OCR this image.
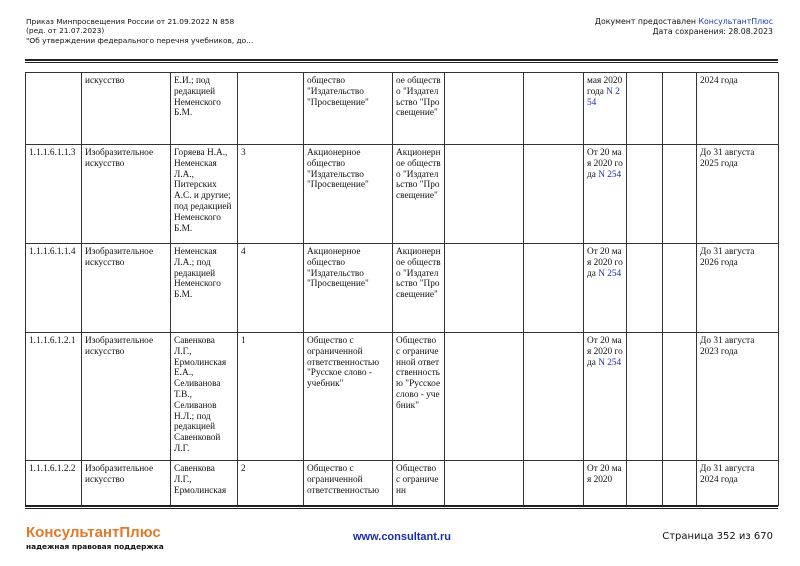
Приказ Минпросвещения России от 21.09.2022 N 858
(ред. от 21.07.2023)
"Об утверждении федерального перечня учебников, до...
Документ предоставлен КонсультантПлюс
Дата сохранения: 28.08.2023
	искусство	Е.И.; под редакцией Неменского Б.М.		общество "Издательство "Просвещение"	ое общество "Издательство "Просвещение"			мая 2020 года N 254			2024 года
1.1.1.6.1.1.3	Изобразительное искусство	Горяева Н.А., Неменская Л.А., Питерских А.С. и другие; под редакцией Неменского Б.М.	3	Акционерное общество "Издательство "Просвещение"	Акционерное общество "Издательство "Просвещение"			От 20 мая 2020 года N 254			До 31 августа 2025 года
1.1.1.6.1.1.4	Изобразительное искусство	Неменская Л.А.; под редакцией Неменского Б.М.	4	Акционерное общество "Издательство "Просвещение"	Акционерное общество "Издательство "Просвещение"			От 20 мая 2020 года N 254			До 31 августа 2026 года
1.1.1.6.1.2.1	Изобразительное искусство	Савенкова Л.Г., Ермолинская Е.А., Селиванова Т.В., Селиванов Н.Л.; под редакцией Савенковой Л.Г.	1	Общество с ограниченной ответственностью "Русское слово - учебник"	Общество с ограниченной ответственностью "Русское слово - учебник"			От 20 мая 2020 года N 254			До 31 августа 2023 года
1.1.1.6.1.2.2	Изобразительное искусство	Савенкова Л.Г., Ермолинская	2	Общество с ограниченной ответственностью	Общество с ограниченн			От 20 мая 2020			До 31 августа 2024 года
КонсультантПлюс
надежная правовая поддержка
www.consultant.ru	Страница 352 из 670
